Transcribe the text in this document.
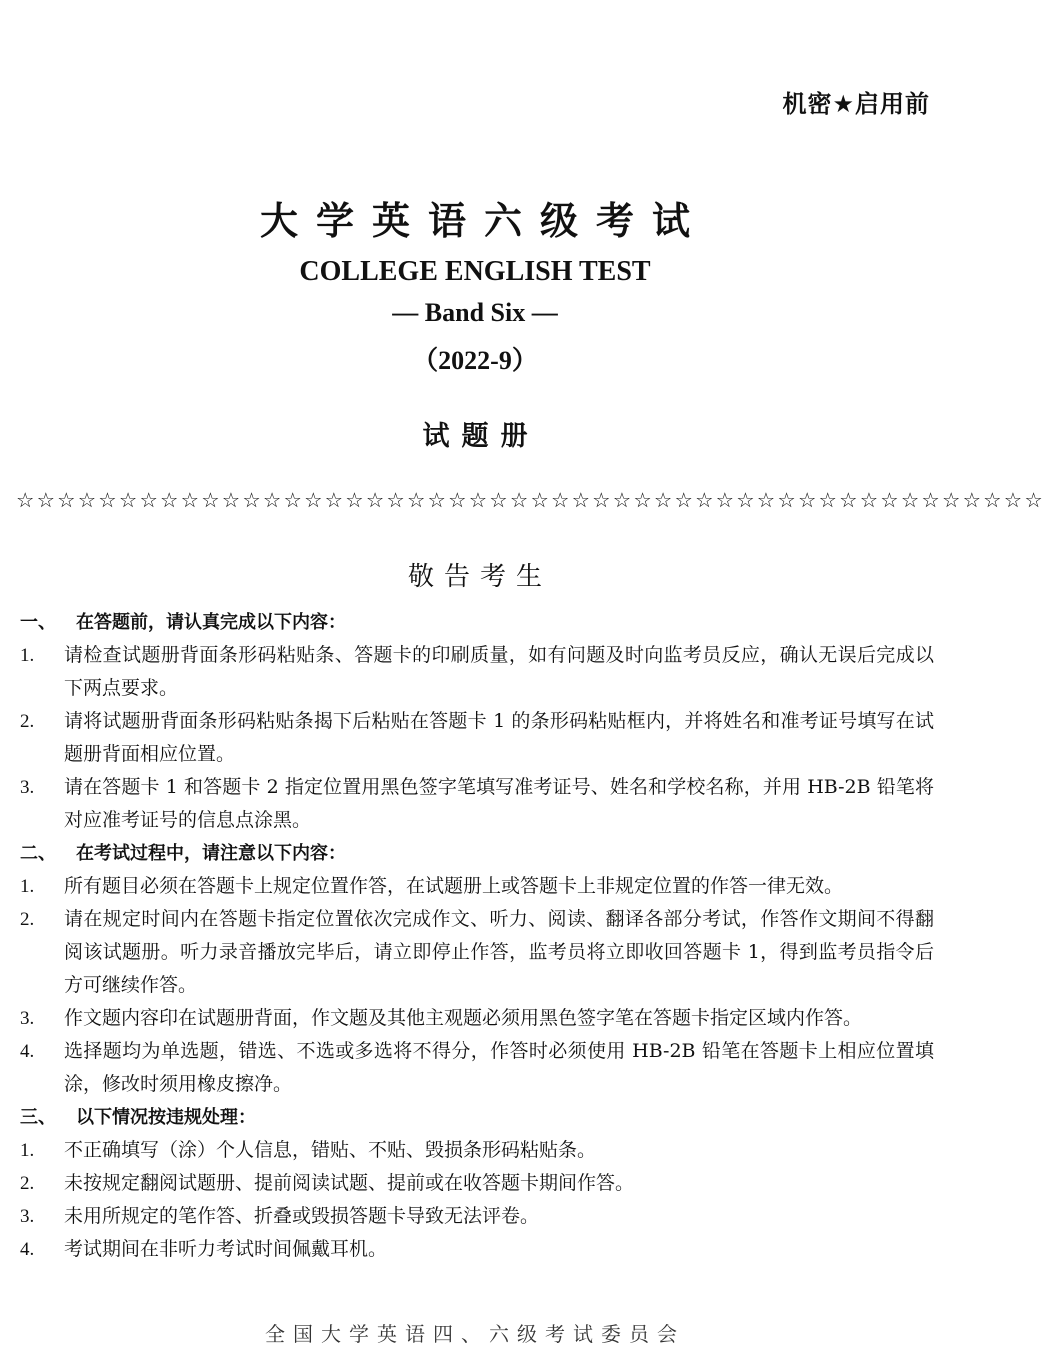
机密★启用前
大学英语六级考试
COLLEGE ENGLISH TEST
— Band Six —
（2022-9）
试题册
☆☆☆☆☆☆☆☆☆☆☆☆☆☆☆☆☆☆☆☆☆☆☆☆☆☆☆☆☆☆☆☆☆☆☆☆☆☆☆☆☆☆☆☆☆☆☆☆☆☆
敬告考生
一、	在答题前，请认真完成以下内容：
1.	请检查试题册背面条形码粘贴条、答题卡的印刷质量，如有问题及时向监考员反应，确认无误后完成以下两点要求。
2.	请将试题册背面条形码粘贴条揭下后粘贴在答题卡 1 的条形码粘贴框内，并将姓名和准考证号填写在试题册背面相应位置。
3.	请在答题卡 1 和答题卡 2 指定位置用黑色签字笔填写准考证号、姓名和学校名称，并用 HB-2B 铅笔将对应准考证号的信息点涂黑。
二、	在考试过程中，请注意以下内容：
1.	所有题目必须在答题卡上规定位置作答，在试题册上或答题卡上非规定位置的作答一律无效。
2.	请在规定时间内在答题卡指定位置依次完成作文、听力、阅读、翻译各部分考试，作答作文期间不得翻阅该试题册。听力录音播放完毕后，请立即停止作答，监考员将立即收回答题卡 1，得到监考员指令后方可继续作答。
3.	作文题内容印在试题册背面，作文题及其他主观题必须用黑色签字笔在答题卡指定区域内作答。
4.	选择题均为单选题，错选、不选或多选将不得分，作答时必须使用 HB-2B 铅笔在答题卡上相应位置填涂，修改时须用橡皮擦净。
三、	以下情况按违规处理：
1.	不正确填写（涂）个人信息，错贴、不贴、毁损条形码粘贴条。
2.	未按规定翻阅试题册、提前阅读试题、提前或在收答题卡期间作答。
3.	未用所规定的笔作答、折叠或毁损答题卡导致无法评卷。
4.	考试期间在非听力考试时间佩戴耳机。
全国大学英语四、六级考试委员会
